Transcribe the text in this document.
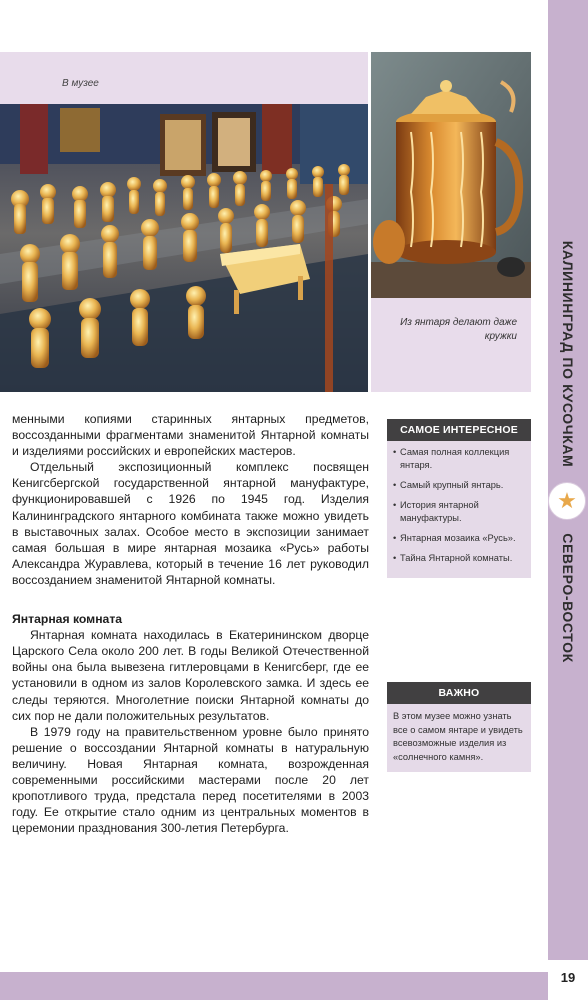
В музее
Из янтаря делают даже кружки

менными копиями старинных янтарных предметов, воссозданными фрагментами знаменитой Янтарной комнаты и изделиями российских и европейских мастеров.

Отдельный экспозиционный комплекс посвящен Кенигсбергской государственной янтарной мануфактуре, функционировавшей с 1926 по 1945 год. Изделия Калининградского янтарного комбината также можно увидеть в выставочных залах. Особое место в экспозиции занимает самая большая в мире янтарная мозаика «Русь» работы Александра Журавлева, который в течение 16 лет руководил воссозданием знаменитой Янтарной комнаты.

Янтарная комната

Янтарная комната находилась в Екатерининском дворце Царского Села около 200 лет. В годы Великой Отечественной войны она была вывезена гитлеровцами в Кенигсберг, где ее установили в одном из залов Королевского замка. И здесь ее следы теряются. Многолетние поиски Янтарной комнаты до сих пор не дали положительных результатов.

В 1979 году на правительственном уровне было принято решение о воссоздании Янтарной комнаты в натуральную величину. Новая Янтарная комната, возрожденная современными российскими мастерами после 20 лет кропотливого труда, предстала перед посетителями в 2003 году. Ее открытие стало одним из центральных моментов в церемонии празднования 300-летия Петербурга.

САМОЕ ИНТЕРЕСНОЕ
• Самая полная коллекция янтаря.
• Самый крупный янтарь.
• История янтарной мануфактуры.
• Янтарная мозаика «Русь».
• Тайна Янтарной комнаты.
ВАЖНО
В этом музее можно узнать все о самом янтаре и увидеть всевозможные изделия из «солнечного камня».
КАЛИНИНГРАД ПО КУСОЧКАМ
★
СЕВЕРО-ВОСТОК
19
